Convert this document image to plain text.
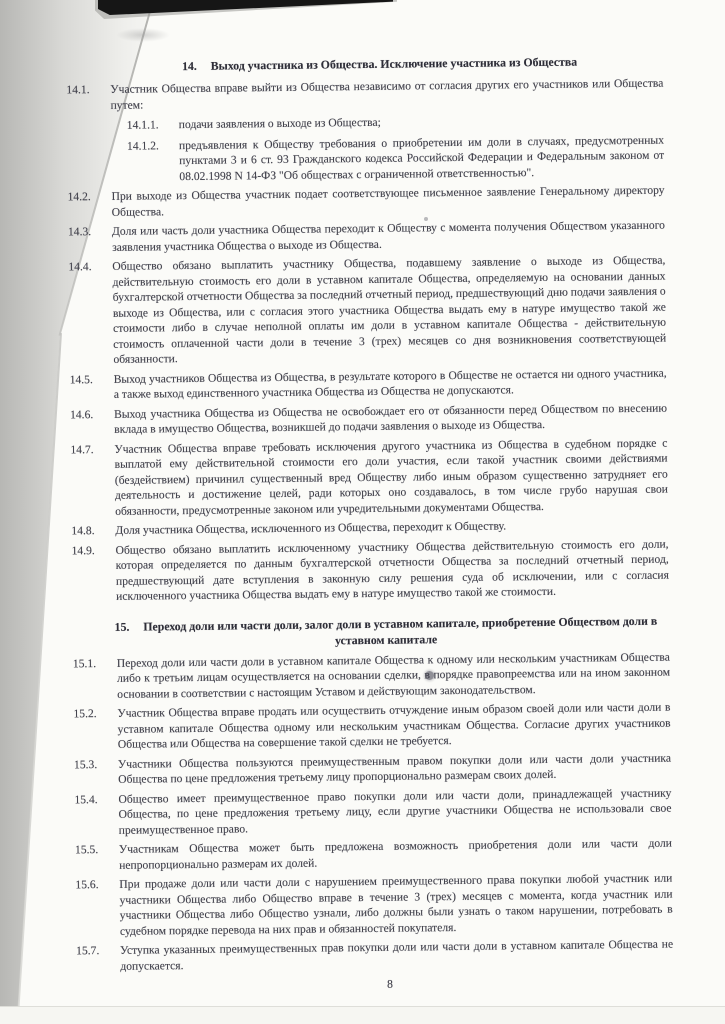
14. Выход участника из Общества. Исключение участника из Общества
14.1.	Участник Общества вправе выйти из Общества независимо от согласия других его участников или Общества путем:
14.1.1.	подачи заявления о выходе из Общества;
14.1.2.	предъявления к Обществу требования о приобретении им доли в случаях, предусмотренных пунктами 3 и 6 ст. 93 Гражданского кодекса Российской Федерации и Федеральным законом от 08.02.1998 N 14-ФЗ "Об обществах с ограниченной ответственностью".
14.2.	При выходе из Общества участник подает соответствующее письменное заявление Генеральному директору Общества.
14.3.	Доля или часть доли участника Общества переходит к Обществу с момента получения Обществом указанного заявления участника Общества о выходе из Общества.
14.4.	Общество обязано выплатить участнику Общества, подавшему заявление о выходе из Общества, действительную стоимость его доли в уставном капитале Общества, определяемую на основании данных бухгалтерской отчетности Общества за последний отчетный период, предшествующий дню подачи заявления о выходе из Общества, или с согласия этого участника Общества выдать ему в натуре имущество такой же стоимости либо в случае неполной оплаты им доли в уставном капитале Общества - действительную стоимость оплаченной части доли в течение 3 (трех) месяцев со дня возникновения соответствующей обязанности.
14.5.	Выход участников Общества из Общества, в результате которого в Обществе не остается ни одного участника, а также выход единственного участника Общества из Общества не допускаются.
14.6.	Выход участника Общества из Общества не освобождает его от обязанности перед Обществом по внесению вклада в имущество Общества, возникшей до подачи заявления о выходе из Общества.
14.7.	Участник Общества вправе требовать исключения другого участника из Общества в судебном порядке с выплатой ему действительной стоимости его доли участия, если такой участник своими действиями (бездействием) причинил существенный вред Обществу либо иным образом существенно затрудняет его деятельность и достижение целей, ради которых оно создавалось, в том числе грубо нарушая свои обязанности, предусмотренные законом или учредительными документами Общества.
14.8.	Доля участника Общества, исключенного из Общества, переходит к Обществу.
14.9.	Общество обязано выплатить исключенному участнику Общества действительную стоимость его доли, которая определяется по данным бухгалтерской отчетности Общества за последний отчетный период, предшествующий дате вступления в законную силу решения суда об исключении, или с согласия исключенного участника Общества выдать ему в натуре имущество такой же стоимости.
15. Переход доли или части доли, залог доли в уставном капитале, приобретение Обществом доли в уставном капитале
15.1.	Переход доли или части доли в уставном капитале Общества к одному или нескольким участникам Общества либо к третьим лицам осуществляется на основании сделки, в порядке правопреемства или на ином законном основании в соответствии с настоящим Уставом и действующим законодательством.
15.2.	Участник Общества вправе продать или осуществить отчуждение иным образом своей доли или части доли в уставном капитале Общества одному или нескольким участникам Общества. Согласие других участников Общества или Общества на совершение такой сделки не требуется.
15.3.	Участники Общества пользуются преимущественным правом покупки доли или части доли участника Общества по цене предложения третьему лицу пропорционально размерам своих долей.
15.4.	Общество имеет преимущественное право покупки доли или части доли, принадлежащей участнику Общества, по цене предложения третьему лицу, если другие участники Общества не использовали свое преимущественное право.
15.5.	Участникам Общества может быть предложена возможность приобретения доли или части доли непропорционально размерам их долей.
15.6.	При продаже доли или части доли с нарушением преимущественного права покупки любой участник или участники Общества либо Общество вправе в течение 3 (трех) месяцев с момента, когда участник или участники Общества либо Общество узнали, либо должны были узнать о таком нарушении, потребовать в судебном порядке перевода на них прав и обязанностей покупателя.
15.7.	Уступка указанных преимущественных прав покупки доли или части доли в уставном капитале Общества не допускается.
8
